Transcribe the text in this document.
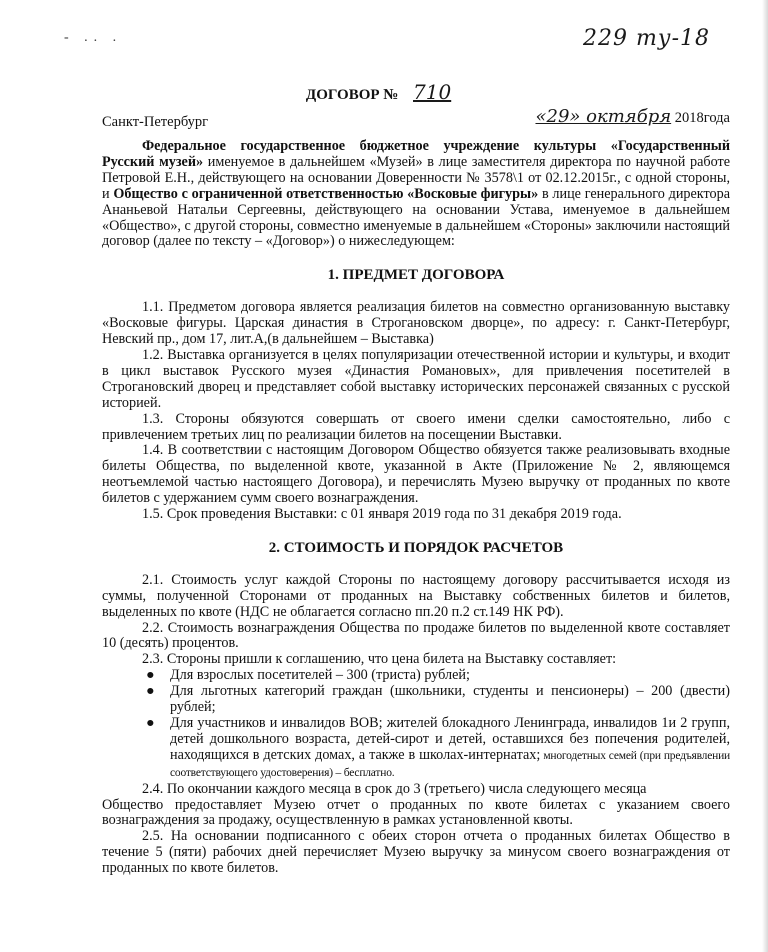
- .. .	229 ту-18
ДОГОВОР № 710
Санкт-Петербург	«29» октября 2018года

Федеральное государственное бюджетное учреждение культуры «Государственный Русский музей» именуемое в дальнейшем «Музей» в лице заместителя директора по научной работе Петровой Е.Н., действующего на основании Доверенности № 3578\1 от 02.12.2015г., с одной стороны, и Общество с ограниченной ответственностью «Восковые фигуры» в лице генерального директора Ананьевой Натальи Сергеевны, действующего на основании Устава, именуемое в дальнейшем «Общество», с другой стороны, совместно именуемые в дальнейшем «Стороны» заключили настоящий договор (далее по тексту – «Договор») о нижеследующем:

1. ПРЕДМЕТ ДОГОВОРА

1.1. Предметом договора является реализация билетов на совместно организованную выставку «Восковые фигуры. Царская династия в Строгановском дворце», по адресу: г. Санкт-Петербург, Невский пр., дом 17, лит.А,(в дальнейшем – Выставка)

1.2. Выставка организуется в целях популяризации отечественной истории и культуры, и входит в цикл выставок Русского музея «Династия Романовых», для привлечения посетителей в Строгановский дворец и представляет собой выставку исторических персонажей связанных с русской историей.

1.3. Стороны обязуются совершать от своего имени сделки самостоятельно, либо с привлечением третьих лиц по реализации билетов на посещении Выставки.

1.4. В соответствии с настоящим Договором Общество обязуется также реализовывать входные билеты Общества, по выделенной квоте, указанной в Акте (Приложение № 2, являющемся неотъемлемой частью настоящего Договора), и перечислять Музею выручку от проданных по квоте билетов с удержанием сумм своего вознаграждения.

1.5. Срок проведения Выставки: с 01 января 2019 года по 31 декабря 2019 года.

2. СТОИМОСТЬ И ПОРЯДОК РАСЧЕТОВ

2.1. Стоимость услуг каждой Стороны по настоящему договору рассчитывается исходя из суммы, полученной Сторонами от проданных на Выставку собственных билетов и билетов, выделенных по квоте (НДС не облагается согласно пп.20 п.2 ст.149 НК РФ).

2.2. Стоимость вознаграждения Общества по продаже билетов по выделенной квоте составляет 10 (десять) процентов.

2.3. Стороны пришли к соглашению, что цена билета на Выставку составляет:

● Для взрослых посетителей – 300 (триста) рублей;
● Для льготных категорий граждан (школьники, студенты и пенсионеры) – 200 (двести) рублей;
● Для участников и инвалидов ВОВ; жителей блокадного Ленинграда, инвалидов 1и 2 групп, детей дошкольного возраста, детей-сирот и детей, оставшихся без попечения родителей, находящихся в детских домах, а также в школах-интернатах; многодетных семей (при предъявлении соответствующего удостоверения) – бесплатно.

2.4. По окончании каждого месяца в срок до 3 (третьего) числа следующего месяца

Общество предоставляет Музею отчет о проданных по квоте билетах с указанием своего вознаграждения за продажу, осуществленную в рамках установленной квоты.

2.5. На основании подписанного с обеих сторон отчета о проданных билетах Общество в течение 5 (пяти) рабочих дней перечисляет Музею выручку за минусом своего вознаграждения от проданных по квоте билетов.
